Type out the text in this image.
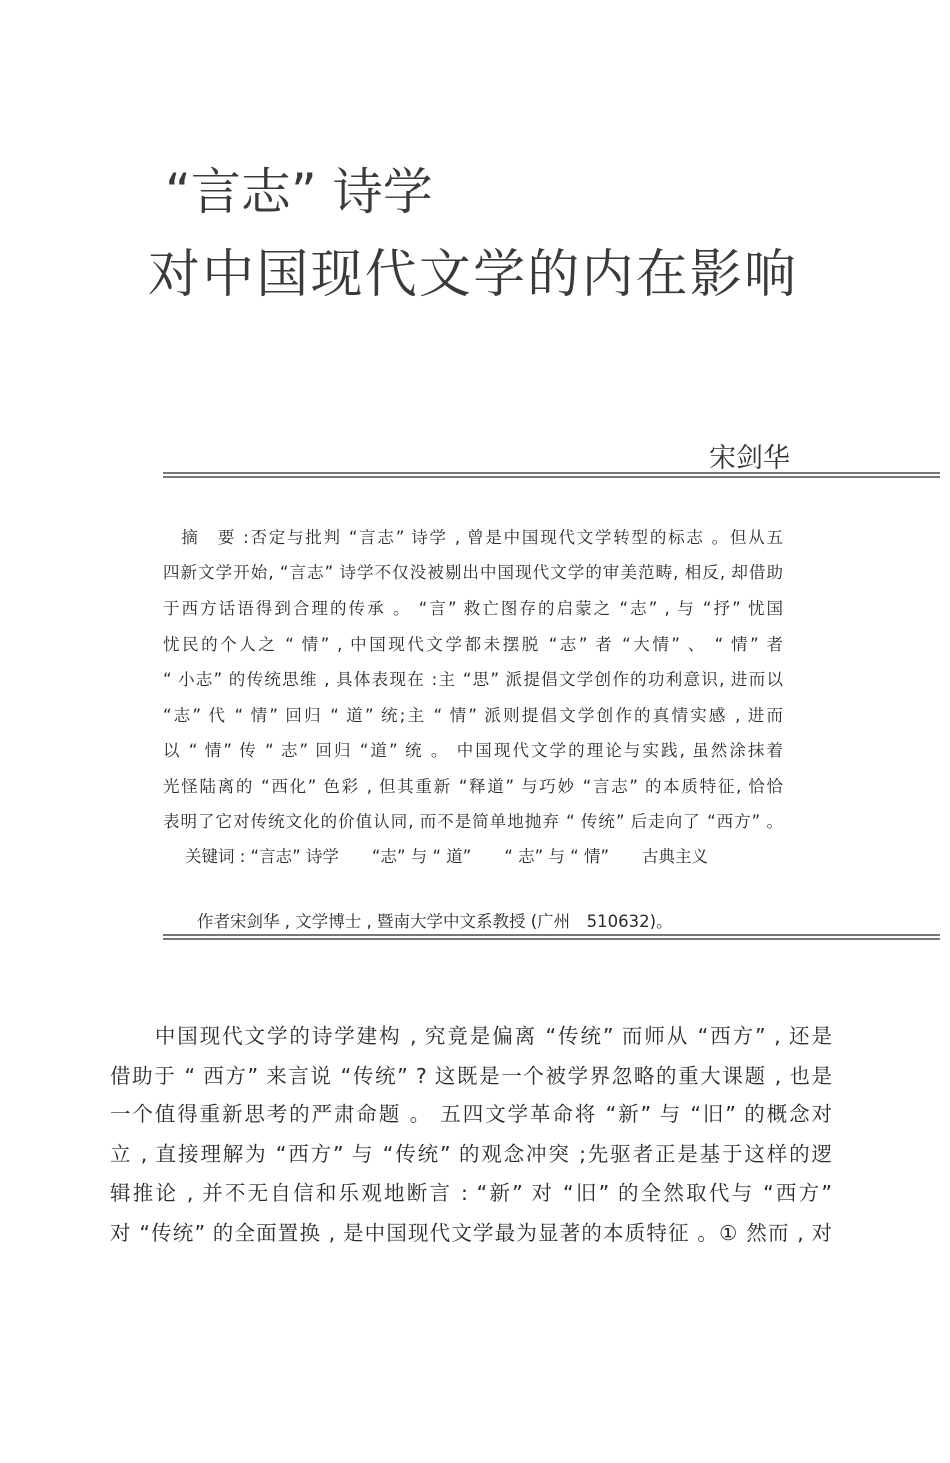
“言志” 诗学
对中国现代文学的内在影响
宋剑华
　摘　要 :否定与批判 “言志” 诗学 , 曾是中国现代文学转型的标志 。但从五
四新文学开始, “言志” 诗学不仅没被剔出中国现代文学的审美范畴, 相反, 却借助
于西方话语得到合理的传承 。 “言” 救亡图存的启蒙之 “志” , 与 “抒” 忧国
忧民的个人之 “ 情” , 中国现代文学都未摆脱 “志” 者 “大情” 、 “ 情” 者
“ 小志” 的传统思维 , 具体表现在 :主 “思” 派提倡文学创作的功利意识, 进而以
“志” 代 “ 情” 回归 “ 道” 统;主 “ 情” 派则提倡文学创作的真情实感 , 进而
以 “ 情” 传 “ 志” 回归 “道” 统 。 中国现代文学的理论与实践, 虽然涂抹着
光怪陆离的 “西化” 色彩 , 但其重新 “释道” 与巧妙 “言志” 的本质特征, 恰恰
表明了它对传统文化的价值认同, 而不是简单地抛弃 “ 传统” 后走向了 “西方” 。
关键词 : “言志” 诗学　　“志” 与 “ 道”　　“ 志” 与 “ 情”　　古典主义
作者宋剑华 , 文学博士 , 暨南大学中文系教授 (广州　510632)。
　　中国现代文学的诗学建构 , 究竟是偏离 “传统” 而师从 “西方” , 还是
借助于 “ 西方” 来言说 “传统” ? 这既是一个被学界忽略的重大课题 , 也是
一个值得重新思考的严肃命题 。 五四文学革命将 “新” 与 “旧” 的概念对
立 , 直接理解为 “西方” 与 “传统” 的观念冲突 ;先驱者正是基于这样的逻
辑推论 , 并不无自信和乐观地断言 : “新” 对 “旧” 的全然取代与 “西方”
对 “传统” 的全面置换 , 是中国现代文学最为显著的本质特征 。① 然而 , 对
